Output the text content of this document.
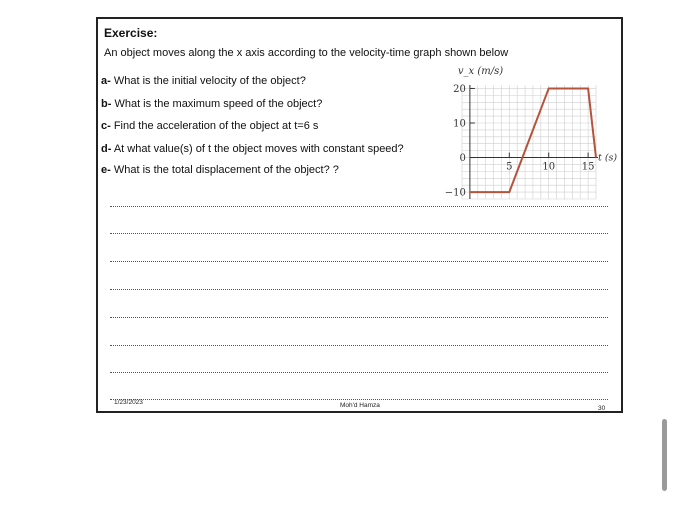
Exercise:
An object moves along the x axis according to the velocity-time graph shown below
a- What is the initial velocity of the object?
b- What is the maximum speed of the object?
c- Find the acceleration of the object at t=6 s
d- At what value(s) of t the object moves with constant speed?
e- What is the total displacement of the object? ?
20
10
0
−10
5	10	15
v_x (m/s)
t (s)
1/23/2023	Moh'd Hamza	30
